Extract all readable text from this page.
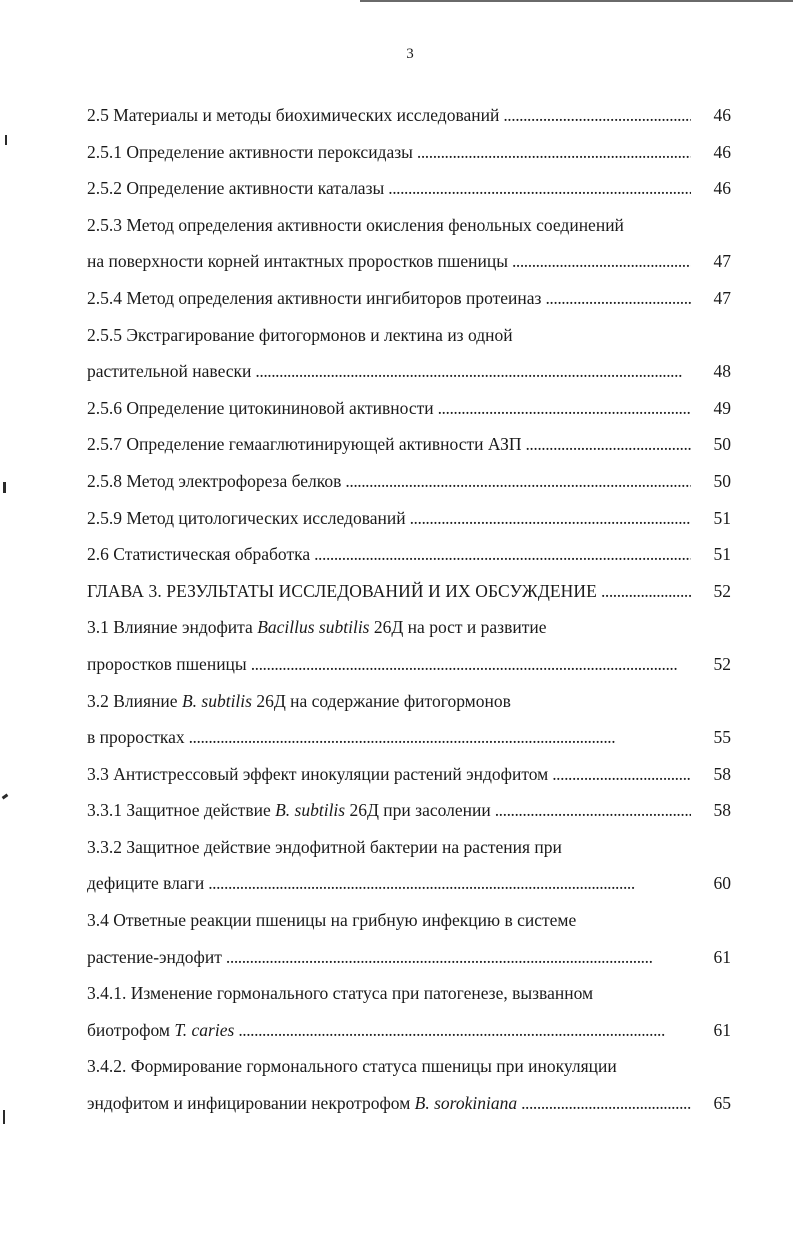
3
2.5 Материалы и методы биохимических исследований . . .	46
2.5.1 Определение активности пероксидазы . . .	46
2.5.2 Определение активности каталазы . . .	46
2.5.3 Метод определения активности окисления фенольных соединений
на поверхности корней интактных проростков пшеницы . . .	47
2.5.4 Метод определения активности ингибиторов протеиназ . . .	47
2.5.5 Экстрагирование фитогормонов и лектина из одной
растительной навески . . .	48
2.5.6 Определение цитокининовой активности . . .	49
2.5.7 Определение гемааглютинирующей активности АЗП . . .	50
2.5.8 Метод электрофореза белков . . .	50
2.5.9 Метод цитологических исследований . . .	51
2.6 Статистическая обработка . . .	51
ГЛАВА 3. РЕЗУЛЬТАТЫ ИССЛЕДОВАНИЙ И ИХ ОБСУЖДЕНИЕ . . .	52
3.1 Влияние эндофита Bacillus subtilis 26Д на рост и развитие
проростков пшеницы . . .	52
3.2 Влияние B. subtilis 26Д на содержание фитогормонов
в проростках . . .	55
3.3 Антистрессовый эффект инокуляции растений эндофитом . . .	58
3.3.1 Защитное действие B. subtilis 26Д при засолении . . .	58
3.3.2 Защитное действие эндофитной бактерии на растения при
дефиците влаги . . .	60
3.4 Ответные реакции пшеницы на грибную инфекцию в системе
растение-эндофит . . .	61
3.4.1. Изменение гормонального статуса при патогенезе, вызванном
биотрофом T. caries . . .	61
3.4.2. Формирование гормонального статуса пшеницы при инокуляции
эндофитом и инфицировании некротрофом B. sorokiniana . . .	65
